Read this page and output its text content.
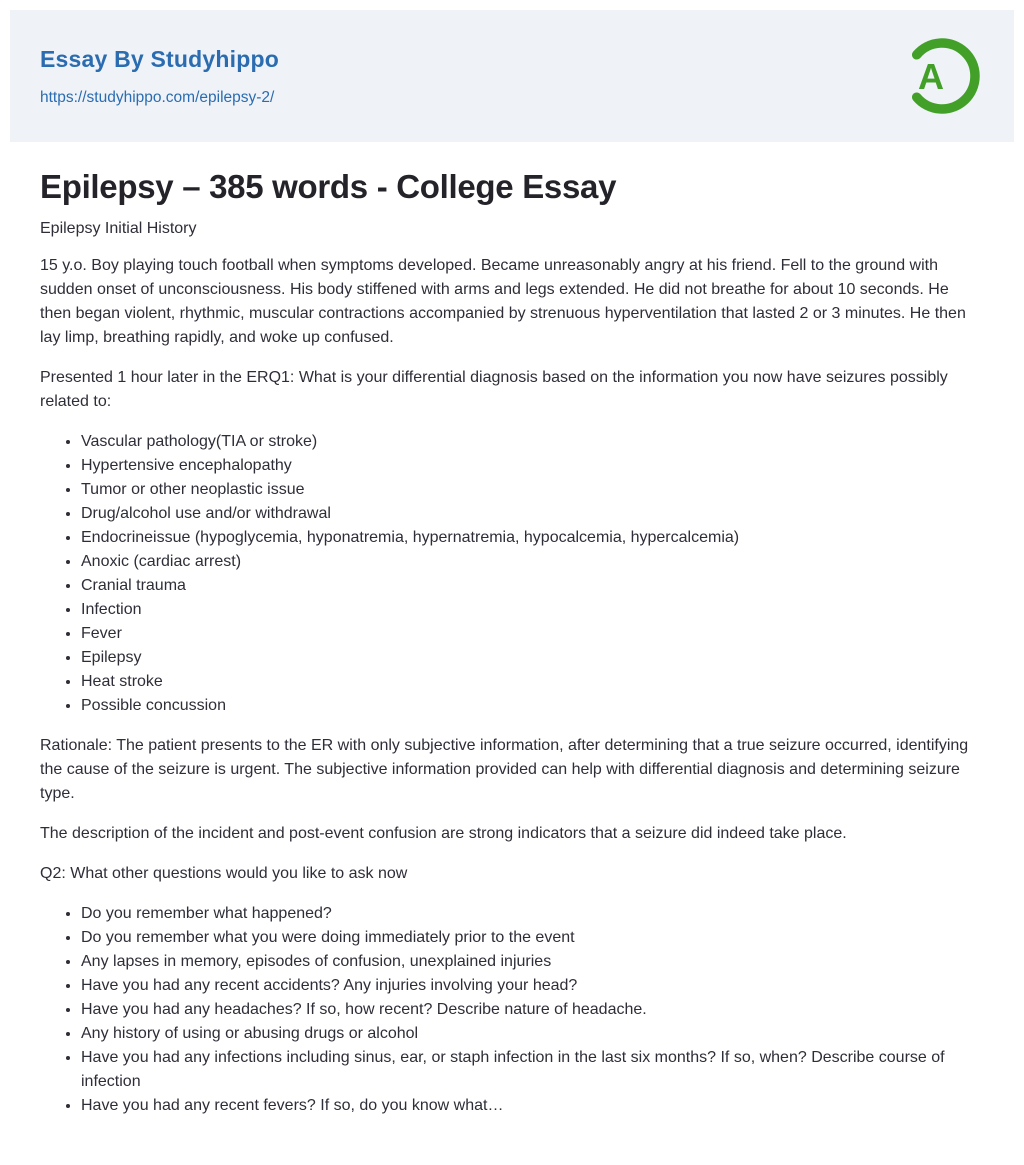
Essay By Studyhippo
https://studyhippo.com/epilepsy-2/	A
Epilepsy – 385 words - College Essay
Epilepsy Initial History

15 y.o. Boy playing touch football when symptoms developed. Became unreasonably angry at his friend. Fell to the ground with sudden onset of unconsciousness. His body stiffened with arms and legs extended. He did not breathe for about 10 seconds. He then began violent, rhythmic, muscular contractions accompanied by strenuous hyperventilation that lasted 2 or 3 minutes. He then lay limp, breathing rapidly, and woke up confused.

Presented 1 hour later in the ERQ1: What is your differential diagnosis based on the information you now have seizures possibly related to:

• Vascular pathology(TIA or stroke)
• Hypertensive encephalopathy
• Tumor or other neoplastic issue
• Drug/alcohol use and/or withdrawal
• Endocrineissue (hypoglycemia, hyponatremia, hypernatremia, hypocalcemia, hypercalcemia)
• Anoxic (cardiac arrest)
• Cranial trauma
• Infection
• Fever
• Epilepsy
• Heat stroke
• Possible concussion

Rationale: The patient presents to the ER with only subjective information, after determining that a true seizure occurred, identifying the cause of the seizure is urgent. The subjective information provided can help with differential diagnosis and determining seizure type.

The description of the incident and post-event confusion are strong indicators that a seizure did indeed take place.

Q2: What other questions would you like to ask now

• Do you remember what happened?
• Do you remember what you were doing immediately prior to the event
• Any lapses in memory, episodes of confusion, unexplained injuries
• Have you had any recent accidents? Any injuries involving your head?
• Have you had any headaches? If so, how recent? Describe nature of headache.
• Any history of using or abusing drugs or alcohol
• Have you had any infections including sinus, ear, or staph infection in the last six months? If so, when? Describe course of infection
• Have you had any recent fevers? If so, do you know what…
